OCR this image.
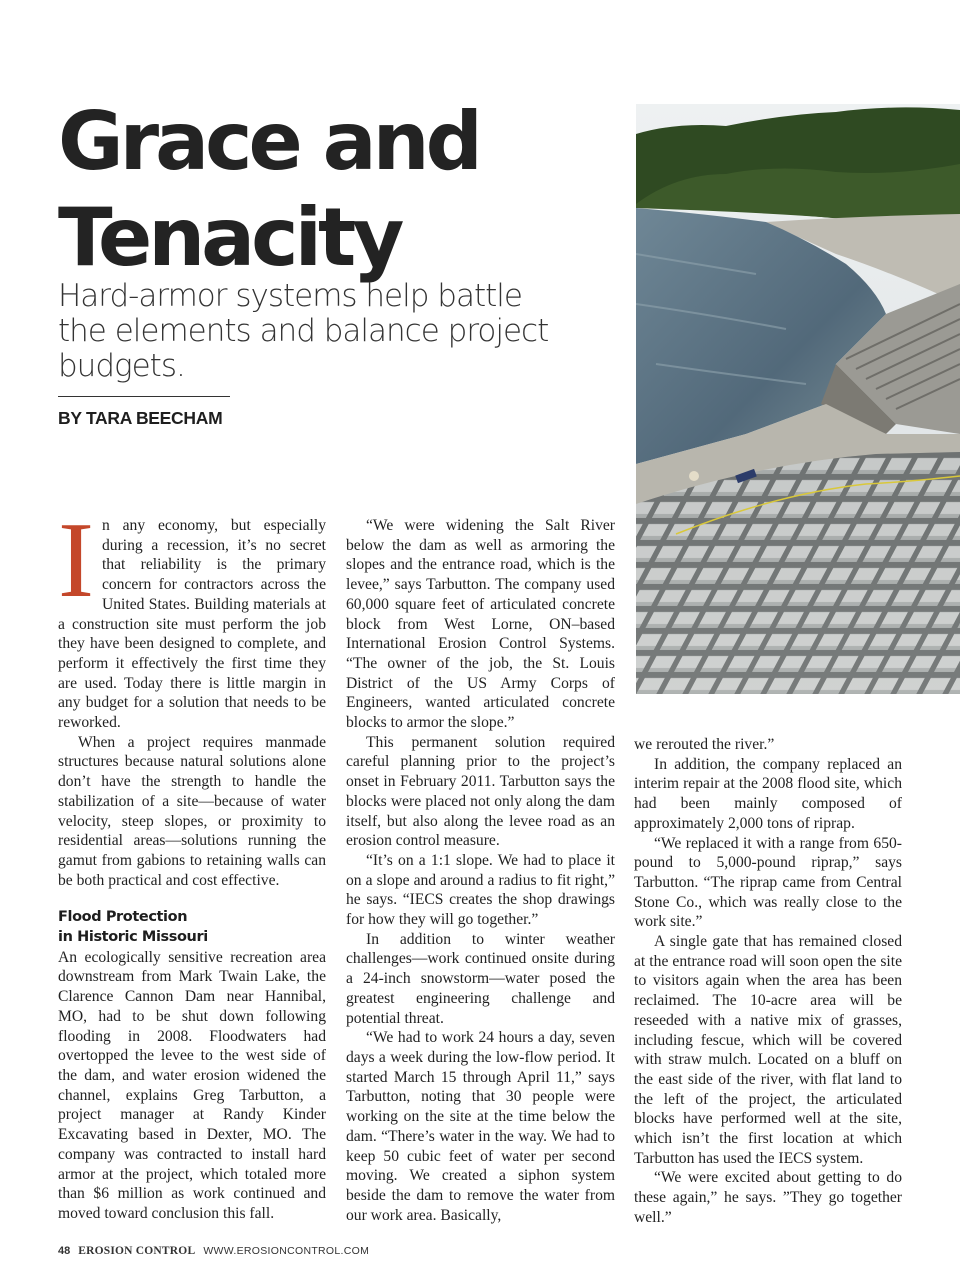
Grace and
Tenacity
Hard-armor systems help battle the elements and balance project budgets.
BY TARA BEECHAM

In any economy, but especially during a recession, it’s no secret that reliability is the primary concern for contractors across the United States. Building materials at a construction site must perform the job they have been designed to complete, and perform it effectively the first time they are used. Today there is little margin in any budget for a solution that needs to be reworked.

When a project requires manmade structures because natural solutions alone don’t have the strength to handle the stabilization of a site—because of water velocity, steep slopes, or proximity to residential areas—solutions running the gamut from gabions to retaining walls can be both practical and cost effective.

Flood Protection
in Historic Missouri

An ecologically sensitive recreation area downstream from Mark Twain Lake, the Clarence Cannon Dam near Hannibal, MO, had to be shut down following flooding in 2008. Floodwaters had overtopped the levee to the west side of the dam, and water erosion widened the channel, explains Greg Tarbutton, a project manager at Randy Kinder Excavating based in Dexter, MO. The company was contracted to install hard armor at the project, which totaled more than $6 million as work continued and moved toward conclusion this fall.

“We were widening the Salt River below the dam as well as armoring the slopes and the entrance road, which is the levee,” says Tarbutton. The company used 60,000 square feet of articulated concrete block from West Lorne, ON–based International Erosion Control Systems. “The owner of the job, the St. Louis District of the US Army Corps of Engineers, wanted articulated concrete blocks to armor the slope.”

This permanent solution required careful planning prior to the project’s onset in February 2011. Tarbutton says the blocks were placed not only along the dam itself, but also along the levee road as an erosion control measure.

“It’s on a 1:1 slope. We had to place it on a slope and around a radius to fit right,” he says. “IECS creates the shop drawings for how they will go together.”

In addition to winter weather challenges—work continued onsite during a 24-inch snowstorm—water posed the greatest engineering challenge and potential threat.

“We had to work 24 hours a day, seven days a week during the low-flow period. It started March 15 through April 11,” says Tarbutton, noting that 30 people were working on the site at the time below the dam. “There’s water in the way. We had to keep 50 cubic feet of water per second moving. We created a siphon system beside the dam to remove the water from our work area. Basically,

we rerouted the river.”

In addition, the company replaced an interim repair at the 2008 flood site, which had been mainly composed of approximately 2,000 tons of riprap.

“We replaced it with a range from 650-pound to 5,000-pound riprap,” says Tarbutton. “The riprap came from Central Stone Co., which was really close to the work site.”

A single gate that has remained closed at the entrance road will soon open the site to visitors again when the area has been reclaimed. The 10-acre area will be reseeded with a native mix of grasses, including fescue, which will be covered with straw mulch. Located on a bluff on the east side of the river, with flat land to the left of the project, the articulated blocks have performed well at the site, which isn’t the first location at which Tarbutton has used the IECS system.

“We were excited about getting to do these again,” he says. ”They go together well.”

48 EROSION CONTROL WWW.EROSIONCONTROL.COM
